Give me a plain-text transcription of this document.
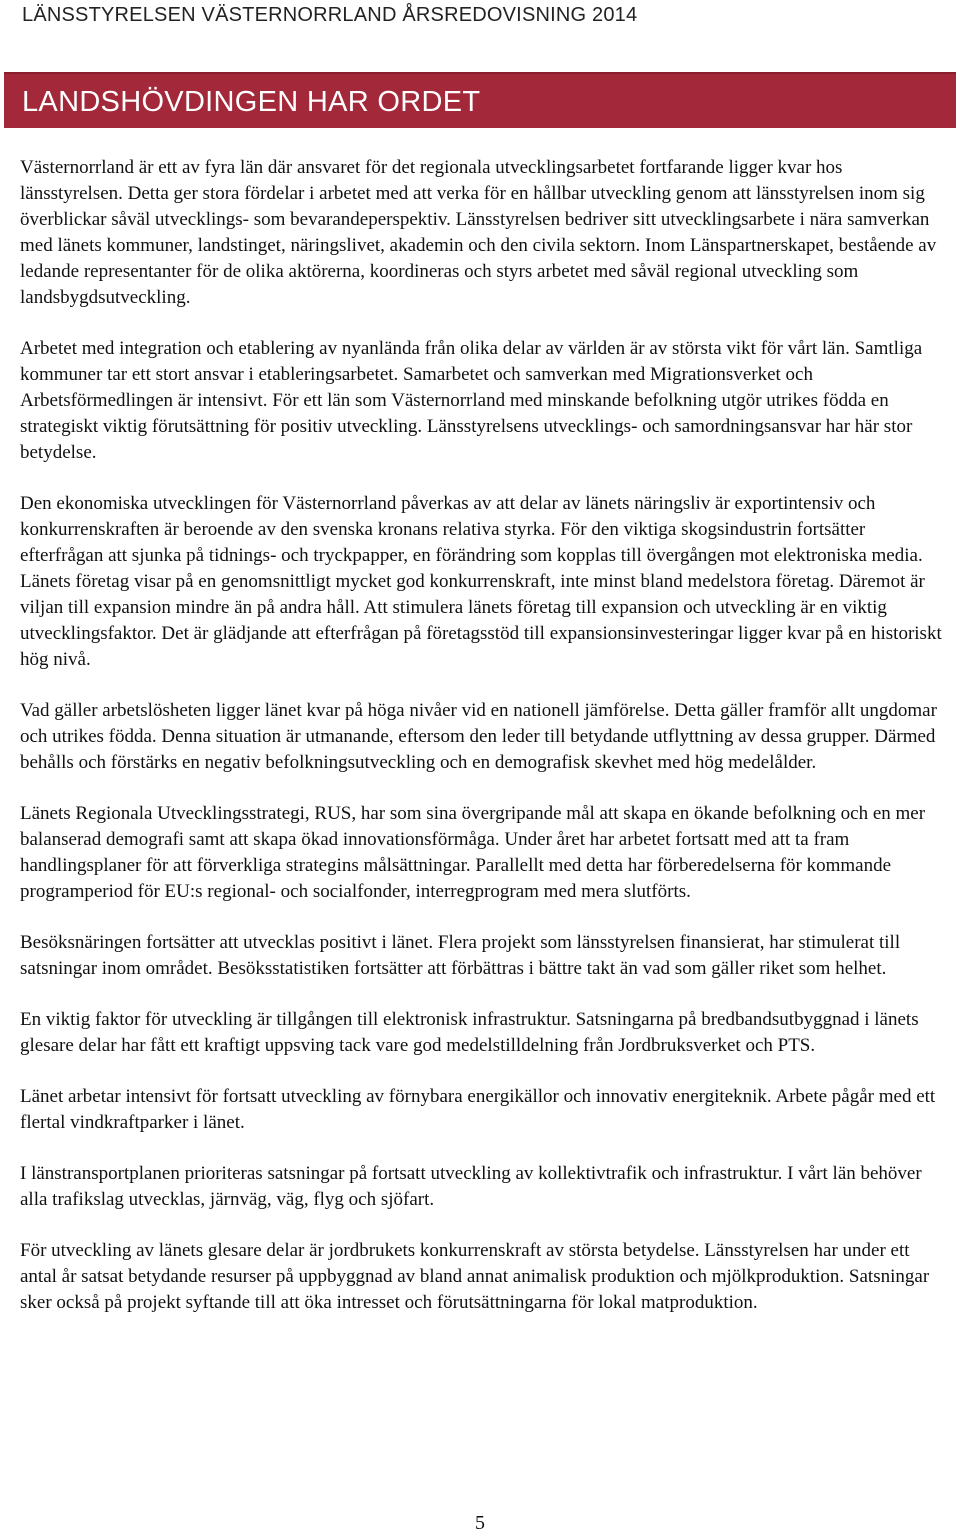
LÄNSSTYRELSEN VÄSTERNORRLAND ÅRSREDOVISNING 2014
LANDSHÖVDINGEN HAR ORDET

Västernorrland är ett av fyra län där ansvaret för det regionala utvecklingsarbetet fortfarande ligger kvar hos länsstyrelsen. Detta ger stora fördelar i arbetet med att verka för en hållbar utveckling genom att länsstyrelsen inom sig överblickar såväl utvecklings- som bevarandeperspektiv. Länsstyrelsen bedriver sitt utvecklingsarbete i nära samverkan med länets kommuner, landstinget, näringslivet, akademin och den civila sektorn. Inom Länspartnerskapet, bestående av ledande representanter för de olika aktörerna, koordineras och styrs arbetet med såväl regional utveckling som landsbygdsutveckling.

Arbetet med integration och etablering av nyanlända från olika delar av världen är av största vikt för vårt län. Samtliga kommuner tar ett stort ansvar i etableringsarbetet. Samarbetet och samverkan med Migrationsverket och Arbetsförmedlingen är intensivt. För ett län som Västernorrland med minskande befolkning utgör utrikes födda en strategiskt viktig förutsättning för positiv utveckling. Länsstyrelsens utvecklings- och samordningsansvar har här stor betydelse.

Den ekonomiska utvecklingen för Västernorrland påverkas av att delar av länets näringsliv är exportintensiv och konkurrenskraften är beroende av den svenska kronans relativa styrka. För den viktiga skogsindustrin fortsätter efterfrågan att sjunka på tidnings- och tryckpapper, en förändring som kopplas till övergången mot elektroniska media. Länets företag visar på en genomsnittligt mycket god konkurrenskraft, inte minst bland medelstora företag. Däremot är viljan till expansion mindre än på andra håll. Att stimulera länets företag till expansion och utveckling är en viktig utvecklingsfaktor. Det är glädjande att efterfrågan på företagsstöd till expansionsinvesteringar ligger kvar på en historiskt hög nivå.

Vad gäller arbetslösheten ligger länet kvar på höga nivåer vid en nationell jämförelse. Detta gäller framför allt ungdomar och utrikes födda. Denna situation är utmanande, eftersom den leder till betydande utflyttning av dessa grupper. Därmed behålls och förstärks en negativ befolkningsutveckling och en demografisk skevhet med hög medelålder.

Länets Regionala Utvecklingsstrategi, RUS, har som sina övergripande mål att skapa en ökande befolkning och en mer balanserad demografi samt att skapa ökad innovationsförmåga. Under året har arbetet fortsatt med att ta fram handlingsplaner för att förverkliga strategins målsättningar. Parallellt med detta har förberedelserna för kommande programperiod för EU:s regional- och socialfonder, interregprogram med mera slutförts.

Besöksnäringen fortsätter att utvecklas positivt i länet. Flera projekt som länsstyrelsen finansierat, har stimulerat till satsningar inom området. Besöksstatistiken fortsätter att förbättras i bättre takt än vad som gäller riket som helhet.

En viktig faktor för utveckling är tillgången till elektronisk infrastruktur. Satsningarna på bredbandsutbyggnad i länets glesare delar har fått ett kraftigt uppsving tack vare god medelstilldelning från Jordbruksverket och PTS.

Länet arbetar intensivt för fortsatt utveckling av förnybara energikällor och innovativ energiteknik. Arbete pågår med ett flertal vindkraftparker i länet.

I länstransportplanen prioriteras satsningar på fortsatt utveckling av kollektivtrafik och infrastruktur. I vårt län behöver alla trafikslag utvecklas, järnväg, väg, flyg och sjöfart.

För utveckling av länets glesare delar är jordbrukets konkurrenskraft av största betydelse. Länsstyrelsen har under ett antal år satsat betydande resurser på uppbyggnad av bland annat animalisk produktion och mjölkproduktion. Satsningar sker också på projekt syftande till att öka intresset och förutsättningarna för lokal matproduktion.

5
